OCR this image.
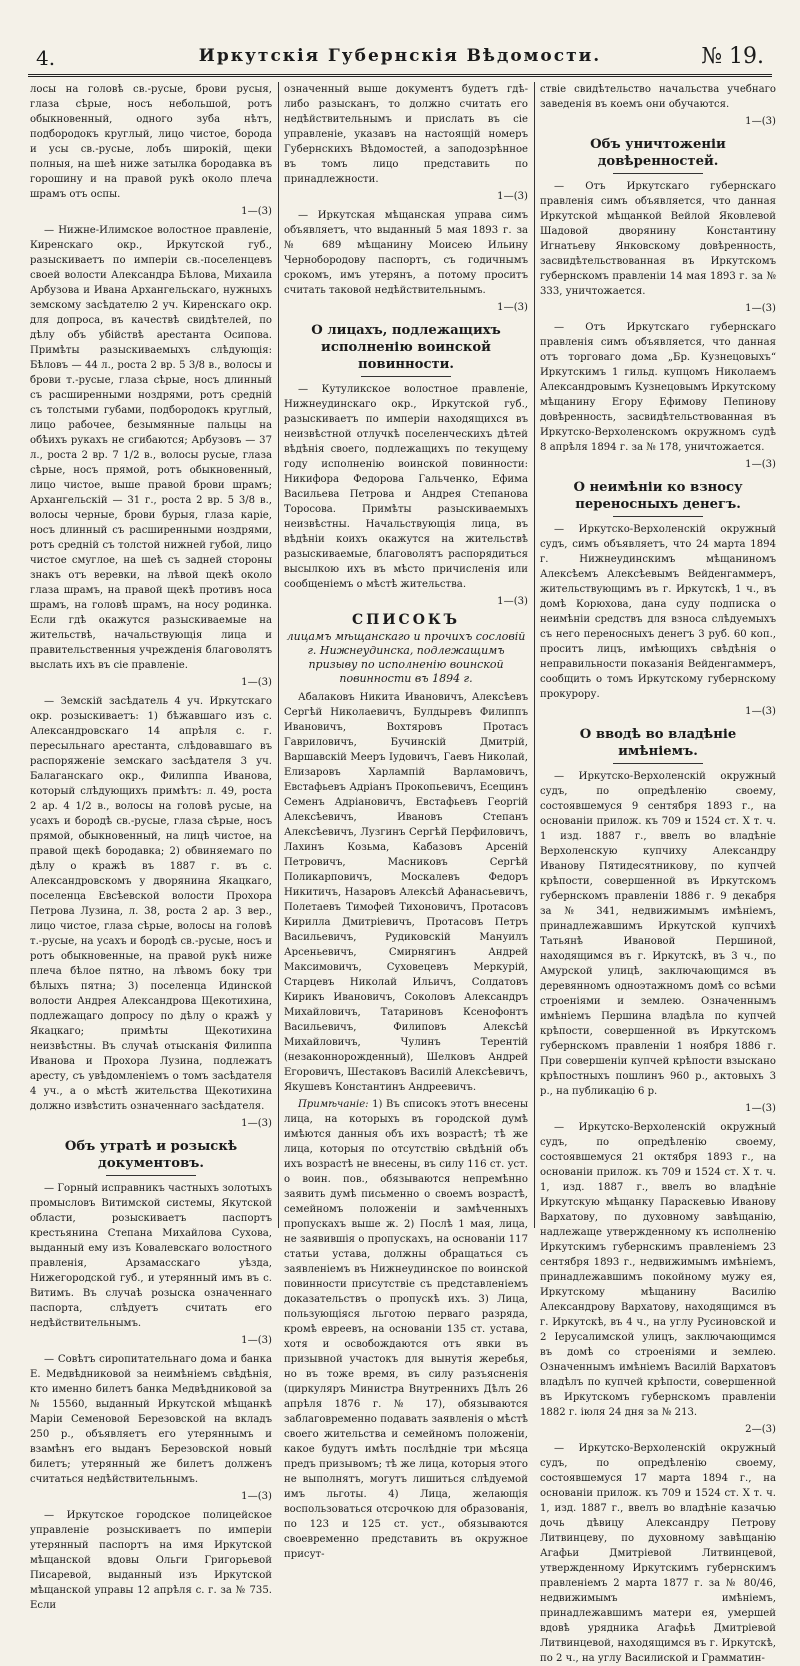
4.	Иркутскія Губернскія Вѣдомости.	№ 19.

лосы на головѣ св.-русые, брови русыя, глаза сѣрые, носъ небольшой, ротъ обыкновенный, одного зуба нѣтъ, подбородокъ круглый, лицо чистое, борода и усы св.-русые, лобъ широкій, щеки полныя, на шеѣ ниже затылка бородавка въ горошину и на правой рукѣ около плеча шрамъ отъ оспы.

1—(3)

— Нижне-Илимское волостное правленіе, Киренскаго окр., Иркутской губ., разыскиваетъ по имперіи св.-поселенцевъ своей волости Александра Бѣлова, Михаила Арбузова и Ивана Архангельскаго, нужныхъ земскому засѣдателю 2 уч. Киренскаго окр. для допроса, въ качествѣ свидѣтелей, по дѣлу объ убійствѣ арестанта Осипова. Примѣты разыскиваемыхъ слѣдующія: Бѣловъ — 44 л., роста 2 вр. 5 3/8 в., волосы и брови т.-русые, глаза сѣрые, носъ длинный съ расширенными ноздрями, ротъ средній съ толстыми губами, подбородокъ круглый, лицо рабочее, безымянные пальцы на обѣихъ рукахъ не сгибаются; Арбузовъ — 37 л., роста 2 вр. 7 1/2 в., волосы русые, глаза сѣрые, носъ прямой, ротъ обыкновенный, лицо чистое, выше правой брови шрамъ; Архангельскій — 31 г., роста 2 вр. 5 3/8 в., волосы черные, брови бурыя, глаза каріе, носъ длинный съ расширенными ноздрями, ротъ средній съ толстой нижней губой, лицо чистое смуглое, на шеѣ съ задней стороны знакъ отъ веревки, на лѣвой щекѣ около глаза шрамъ, на правой щекѣ противъ носа шрамъ, на головѣ шрамъ, на носу родинка. Если гдѣ окажутся разыскиваемые на жительствѣ, начальствующія лица и правительственныя учрежденія благоволятъ выслать ихъ въ сіе правленіе.

1—(3)

— Земскій засѣдатель 4 уч. Иркутскаго окр. розыскиваетъ: 1) бѣжавшаго изъ с. Александровскаго 14 апрѣля с. г. пересыльнаго арестанта, слѣдовавшаго въ распоряженіе земскаго засѣдателя 3 уч. Балаганскаго окр., Филиппа Иванова, который слѣдующихъ примѣтъ: л. 49, роста 2 ар. 4 1/2 в., волосы на головѣ русые, на усахъ и бородѣ св.-русые, глаза сѣрые, носъ прямой, обыкновенный, на лицѣ чистое, на правой щекѣ бородавка; 2) обвиняемаго по дѣлу о кражѣ въ 1887 г. въ с. Александровскомъ у дворянина Якацкаго, поселенца Евсѣевской волости Прохора Петрова Лузина, л. 38, роста 2 ар. 3 вер., лицо чистое, глаза сѣрые, волосы на головѣ т.-русые, на усахъ и бородѣ св.-русые, носъ и ротъ обыкновенные, на правой рукѣ ниже плеча бѣлое пятно, на лѣвомъ боку три бѣлыхъ пятна; 3) поселенца Идинской волости Андрея Александрова Щекотихина, подлежащаго допросу по дѣлу о кражѣ у Якацкаго; примѣты Щекотихина неизвѣстны. Въ случаѣ отысканія Филиппа Иванова и Прохора Лузина, подлежатъ аресту, съ увѣдомленіемъ о томъ засѣдателя 4 уч., а о мѣстѣ жительства Щекотихина должно извѣстить означеннаго засѣдателя.

1—(3)
Объ утратѣ и розыскѣ документовъ.

— Горный исправникъ частныхъ золотыхъ промысловъ Витимской системы, Якутской области, розыскиваетъ паспортъ крестьянина Степана Михайлова Сухова, выданный ему изъ Ковалевскаго волостного правленія, Арзамасскаго уѣзда, Нижегородской губ., и утерянный имъ въ с. Витимъ. Въ случаѣ розыска означеннаго паспорта, слѣдуетъ считать его недѣйствительнымъ.

1—(3)

— Совѣтъ сиропитательнаго дома и банка Е. Медвѣдниковой за неимѣніемъ свѣдѣнія, кто именно билетъ банка Медвѣдниковой за № 15560, выданный Иркутской мѣщанкѣ Маріи Семеновой Березовской на вкладъ 250 р., объявляетъ его утеряннымъ и взамѣнъ его выданъ Березовской новый билетъ; утерянный же билетъ долженъ считаться недѣйствительнымъ.

1—(3)

— Иркутское городское полицейское управленіе розыскиваетъ по имперіи утерянный паспортъ на имя Иркутской мѣщанской вдовы Ольги Григорьевой Писаревой, выданный изъ Иркутской мѣщанской управы 12 апрѣля с. г. за № 735. Если

означенный выше документъ будетъ гдѣ-либо разысканъ, то должно считать его недѣйствительнымъ и прислать въ сіе управленіе, указавъ на настоящій номеръ Губернскихъ Вѣдомостей, а заподозрѣнное въ томъ лицо представить по принадлежности.

1—(3)

— Иркутская мѣщанская управа симъ объявляетъ, что выданный 5 мая 1893 г. за № 689 мѣщанину Моисею Ильину Чернобородову паспортъ, съ годичнымъ срокомъ, имъ утерянъ, а потому проситъ считать таковой недѣйствительнымъ.

1—(3)
О лицахъ, подлежащихъ исполненію воинской повинности.

— Кутуликское волостное правленіе, Нижнеудинскаго окр., Иркутской губ., разыскиваетъ по имперіи находящихся въ неизвѣстной отлучкѣ поселенческихъ дѣтей вѣдѣнія своего, подлежащихъ по текущему году исполненію воинской повинности: Никифора Федорова Гальченко, Ефима Васильева Петрова и Андрея Степанова Торосова. Примѣты разыскиваемыхъ неизвѣстны. Начальствующія лица, въ вѣдѣніи коихъ окажутся на жительствѣ разыскиваемые, благоволятъ распорядиться высылкою ихъ въ мѣсто причисленія или сообщеніемъ о мѣстѣ жительства.

1—(3)
СПИСОКЪ
лицамъ мѣщанскаго и прочихъ сословій г. Нижнеудинска, подлежащимъ призыву по исполненію воинской повинности въ 1894 г.

Абалаковъ Никита Ивановичъ, Алексѣевъ Сергѣй Николаевичъ, Булдыревъ Филиппъ Ивановичъ, Вохтяровъ Протасъ Гавриловичъ, Бучинскій Дмитрій, Варшавскій Мееръ Іудовичъ, Гаевъ Николай, Елизаровъ Харлампій Варламовичъ, Евстафьевъ Адріанъ Прокопьевичъ, Есещинъ Семенъ Адріановичъ, Евстафьевъ Георгій Алексѣевичъ, Ивановъ Степанъ Алексѣевичъ, Лузгинъ Сергѣй Перфиловичъ, Лахинъ Козьма, Кабазовъ Арсеній Петровичъ, Масниковъ Сергѣй Поликарповичъ, Москалевъ Федоръ Никитичъ, Назаровъ Алексѣй Афанасьевичъ, Полетаевъ Тимофей Тихоновичъ, Протасовъ Кирилла Дмитріевичъ, Протасовъ Петръ Васильевичъ, Рудиковскій Мануилъ Арсеньевичъ, Смирнягинъ Андрей Максимовичъ, Суховецевъ Меркурій, Старцевъ Николай Ильичъ, Солдатовъ Кирикъ Ивановичъ, Соколовъ Александръ Михайловичъ, Татариновъ Ксенофонтъ Васильевичъ, Филиповъ Алексѣй Михайловичъ, Чулинъ Терентій (незаконнорожденный), Шелковъ Андрей Егоровичъ, Шестаковъ Василій Алексѣевичъ, Якушевъ Константинъ Андреевичъ.

Примѣчаніе: 1) Въ списокъ этотъ внесены лица, на которыхъ въ городской думѣ имѣются данныя объ ихъ возрастѣ; тѣ же лица, которыя по отсутствію свѣдѣній объ ихъ возрастѣ не внесены, въ силу 116 ст. уст. о воин. пов., обязываются непремѣнно заявить думѣ письменно о своемъ возрастѣ, семейномъ положеніи и замѣченныхъ пропускахъ выше ж. 2) Послѣ 1 мая, лица, не заявившія о пропускахъ, на основаніи 117 статьи устава, должны обращаться съ заявленіемъ въ Нижнеудинское по воинской повинности присутствіе съ представленіемъ доказательствъ о пропускѣ ихъ. 3) Лица, пользующіяся льготою перваго разряда, кромѣ евреевъ, на основаніи 135 ст. устава, хотя и освобождаются отъ явки въ призывной участокъ для вынутія жеребья, но въ тоже время, въ силу разъясненія (циркуляръ Министра Внутреннихъ Дѣлъ 26 апрѣля 1876 г. № 17), обязываются заблаговременно подавать заявленія о мѣстѣ своего жительства и семейномъ положеніи, какое будутъ имѣть послѣдніе три мѣсяца предъ призывомъ; тѣ же лица, которыя этого не выполнятъ, могутъ лишиться слѣдуемой имъ льготы. 4) Лица, желающія воспользоваться отсрочкою для образованія, по 123 и 125 ст. уст., обязываются своевременно представить въ окружное присут-

ствіе свидѣтельство начальства учебнаго заведенія въ коемъ они обучаются.

1—(3)
Объ уничтоженіи довѣренностей.

— Отъ Иркутскаго губернскаго правленія симъ объявляется, что данная Иркутской мѣщанкой Вейлой Яковлевой Шадовой дворянину Константину Игнатьеву Янковскому довѣренность, засвидѣтельствованная въ Иркутскомъ губернскомъ правленіи 14 мая 1893 г. за № 333, уничтожается.

1—(3)

— Отъ Иркутскаго губернскаго правленія симъ объявляется, что данная отъ торговаго дома „Бр. Кузнецовыхъ“ Иркутскимъ 1 гильд. купцомъ Николаемъ Александровымъ Кузнецовымъ Иркутскому мѣщанину Егору Ефимову Пепинову довѣренность, засвидѣтельствованная въ Иркутско-Верхоленскомъ окружномъ судѣ 8 апрѣля 1894 г. за № 178, уничтожается.

1—(3)
О неимѣніи ко взносу переносныхъ денегъ.

— Иркутско-Верхоленскій окружный судъ, симъ объявляетъ, что 24 марта 1894 г. Нижнеудинскимъ мѣщаниномъ Алексѣемъ Алексѣевымъ Вейденгаммеръ, жительствующимъ въ г. Иркутскѣ, 1 ч., въ домѣ Корюхова, дана суду подписка о неимѣніи средствъ для взноса слѣдуемыхъ съ него переносныхъ денегъ 3 руб. 60 коп., проситъ лицъ, имѣющихъ свѣдѣнія о неправильности показанія Вейденгаммеръ, сообщить о томъ Иркутскому губернскому прокурору.

1—(3)
О вводѣ во владѣніе имѣніемъ.

— Иркутско-Верхоленскій окружный судъ, по опредѣленію своему, состоявшемуся 9 сентября 1893 г., на основаніи прилож. къ 709 и 1524 ст. X т. ч. 1 изд. 1887 г., ввелъ во владѣніе Верхоленскую купчиху Александру Иванову Пятидесятникову, по купчей крѣпости, совершенной въ Иркутскомъ губернскомъ правленіи 1886 г. 9 декабря за № 341, недвижимымъ имѣніемъ, принадлежавшимъ Иркутской купчихѣ Татьянѣ Ивановой Першиной, находящимся въ г. Иркутскѣ, въ 3 ч., по Амурской улицѣ, заключающимся въ деревянномъ одноэтажномъ домѣ со всѣми строеніями и землею. Означеннымъ имѣніемъ Першина владѣла по купчей крѣпости, совершенной въ Иркутскомъ губернскомъ правленіи 1 ноября 1886 г. При совершеніи купчей крѣпости взыскано крѣпостныхъ пошлинъ 960 р., актовыхъ 3 р., на публикацію 6 р.

1—(3)

— Иркутско-Верхоленскій окружный судъ, по опредѣленію своему, состоявшемуся 21 октября 1893 г., на основаніи прилож. къ 709 и 1524 ст. X т. ч. 1, изд. 1887 г., ввелъ во владѣніе Иркутскую мѣщанку Параскевью Иванову Вархатову, по духовному завѣщанію, надлежаще утвержденному къ исполненію Иркутскимъ губернскимъ правленіемъ 23 сентября 1893 г., недвижимымъ имѣніемъ, принадлежавшимъ покойному мужу ея, Иркутскому мѣщанину Василію Александрову Вархатову, находящимся въ г. Иркутскѣ, въ 4 ч., на углу Русиновской и 2 Іерусалимской улицъ, заключающимся въ домѣ со строеніями и землею. Означеннымъ имѣніемъ Василій Вархатовъ владѣлъ по купчей крѣпости, совершенной въ Иркутскомъ губернскомъ правленіи 1882 г. іюля 24 дня за № 213.

2—(3)

— Иркутско-Верхоленскій окружный судъ, по опредѣленію своему, состоявшемуся 17 марта 1894 г., на основаніи прилож. къ 709 и 1524 ст. X т. ч. 1, изд. 1887 г., ввелъ во владѣніе казачью дочь дѣвицу Александру Петрову Литвинцеву, по духовному завѣщанію Агафьи Дмитріевой Литвинцевой, утвержденному Иркутскимъ губернскимъ правленіемъ 2 марта 1877 г. за № 80/46, недвижимымъ имѣніемъ, принадлежавшимъ матери ея, умершей вдовѣ урядника Агафьѣ Дмитріевой Литвинцевой, находящимся въ г. Иркутскѣ, по 2 ч., на углу Василиской и Грамматин-
